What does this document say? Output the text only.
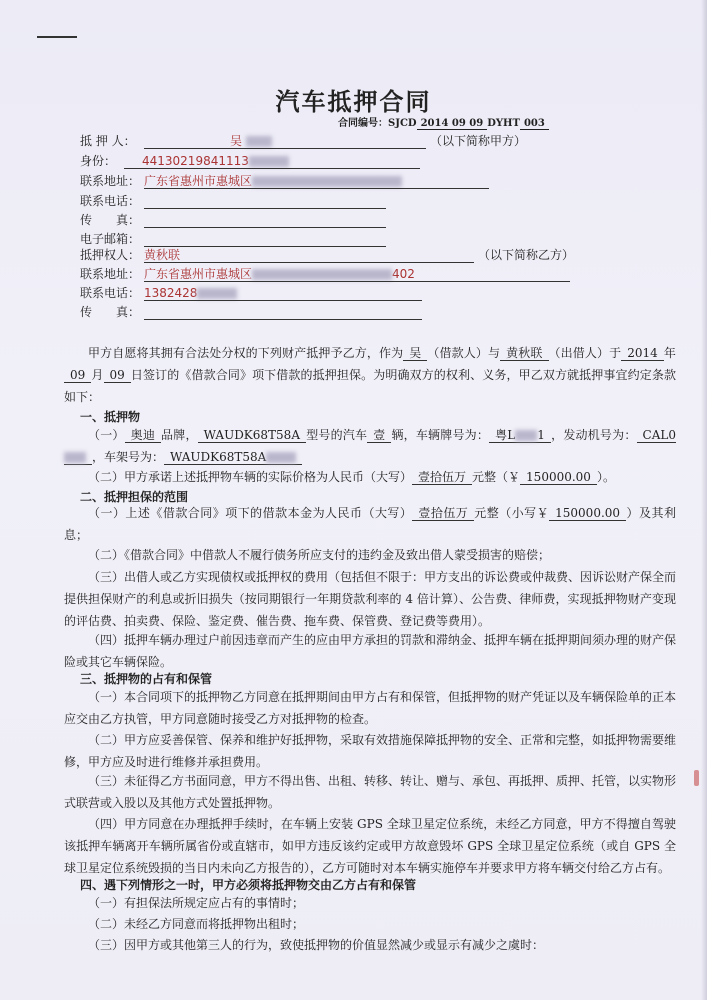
汽车抵押合同
合同编号：SJCD 2014 09 09 DYHT 003
抵 押 人：	吴	（以下简称甲方）
身份： 44130219841113
联系地址： 广东省惠州市惠城区
联系电话：
传　　真：
电子邮箱：
抵押权人： 黄秋联	（以下简称乙方）
联系地址： 广东省惠州市惠城区	402
联系电话： 1382428
传　　真：
甲方自愿将其拥有合法处分权的下列财产抵押予乙方，作为 吴 （借款人）与 黄秋联 （出借人）于 2014 年09 月 09 日签订的《借款合同》项下借款的抵押担保。为明确双方的权利、义务，甲乙双方就抵押事宜约定条款如下：
一、抵押物
（一） 奥迪 品牌， WAUDK68T58A 型号的汽车 壹 辆，车辆牌号为： 粤L 1 ，发动机号为： CAL0，车架号为： WAUDK68T58A
（二）甲方承诺上述抵押物车辆的实际价格为人民币（大写） 壹拾伍万 元整（￥ 150000.00 ）。
二、抵押担保的范围
（一）上述《借款合同》项下的借款本金为人民币（大写） 壹拾伍万 元整（小写￥ 150000.00 ）及其利息；
（二）《借款合同》中借款人不履行债务所应支付的违约金及致出借人蒙受损害的赔偿；
（三）出借人或乙方实现债权或抵押权的费用（包括但不限于：甲方支出的诉讼费或仲裁费、因诉讼财产保全而提供担保财产的利息或折旧损失（按同期银行一年期贷款利率的 4 倍计算）、公告费、律师费，实现抵押物财产变现的评估费、拍卖费、保险、鉴定费、催告费、拖车费、保管费、登记费等费用）。
（四）抵押车辆办理过户前因违章而产生的应由甲方承担的罚款和滞纳金、抵押车辆在抵押期间须办理的财产保险或其它车辆保险。
三、抵押物的占有和保管
（一）本合同项下的抵押物乙方同意在抵押期间由甲方占有和保管，但抵押物的财产凭证以及车辆保险单的正本应交由乙方执管，甲方同意随时接受乙方对抵押物的检查。
（二）甲方应妥善保管、保养和维护好抵押物，采取有效措施保障抵押物的安全、正常和完整，如抵押物需要维修，甲方应及时进行维修并承担费用。
（三）未征得乙方书面同意，甲方不得出售、出租、转移、转让、赠与、承包、再抵押、质押、托管，以实物形式联营或入股以及其他方式处置抵押物。
（四）甲方同意在办理抵押手续时，在车辆上安装 GPS 全球卫星定位系统，未经乙方同意，甲方不得擅自驾驶该抵押车辆离开车辆所属省份或直辖市，如甲方违反该约定或甲方故意毁坏 GPS 全球卫星定位系统（或自 GPS 全球卫星定位系统毁损的当日内未向乙方报告的），乙方可随时对本车辆实施停车并要求甲方将车辆交付给乙方占有。
四、遇下列情形之一时，甲方必须将抵押物交由乙方占有和保管
（一）有担保法所规定应占有的事情时；
（二）未经乙方同意而将抵押物出租时；
（三）因甲方或其他第三人的行为，致使抵押物的价值显然减少或显示有减少之虞时：
